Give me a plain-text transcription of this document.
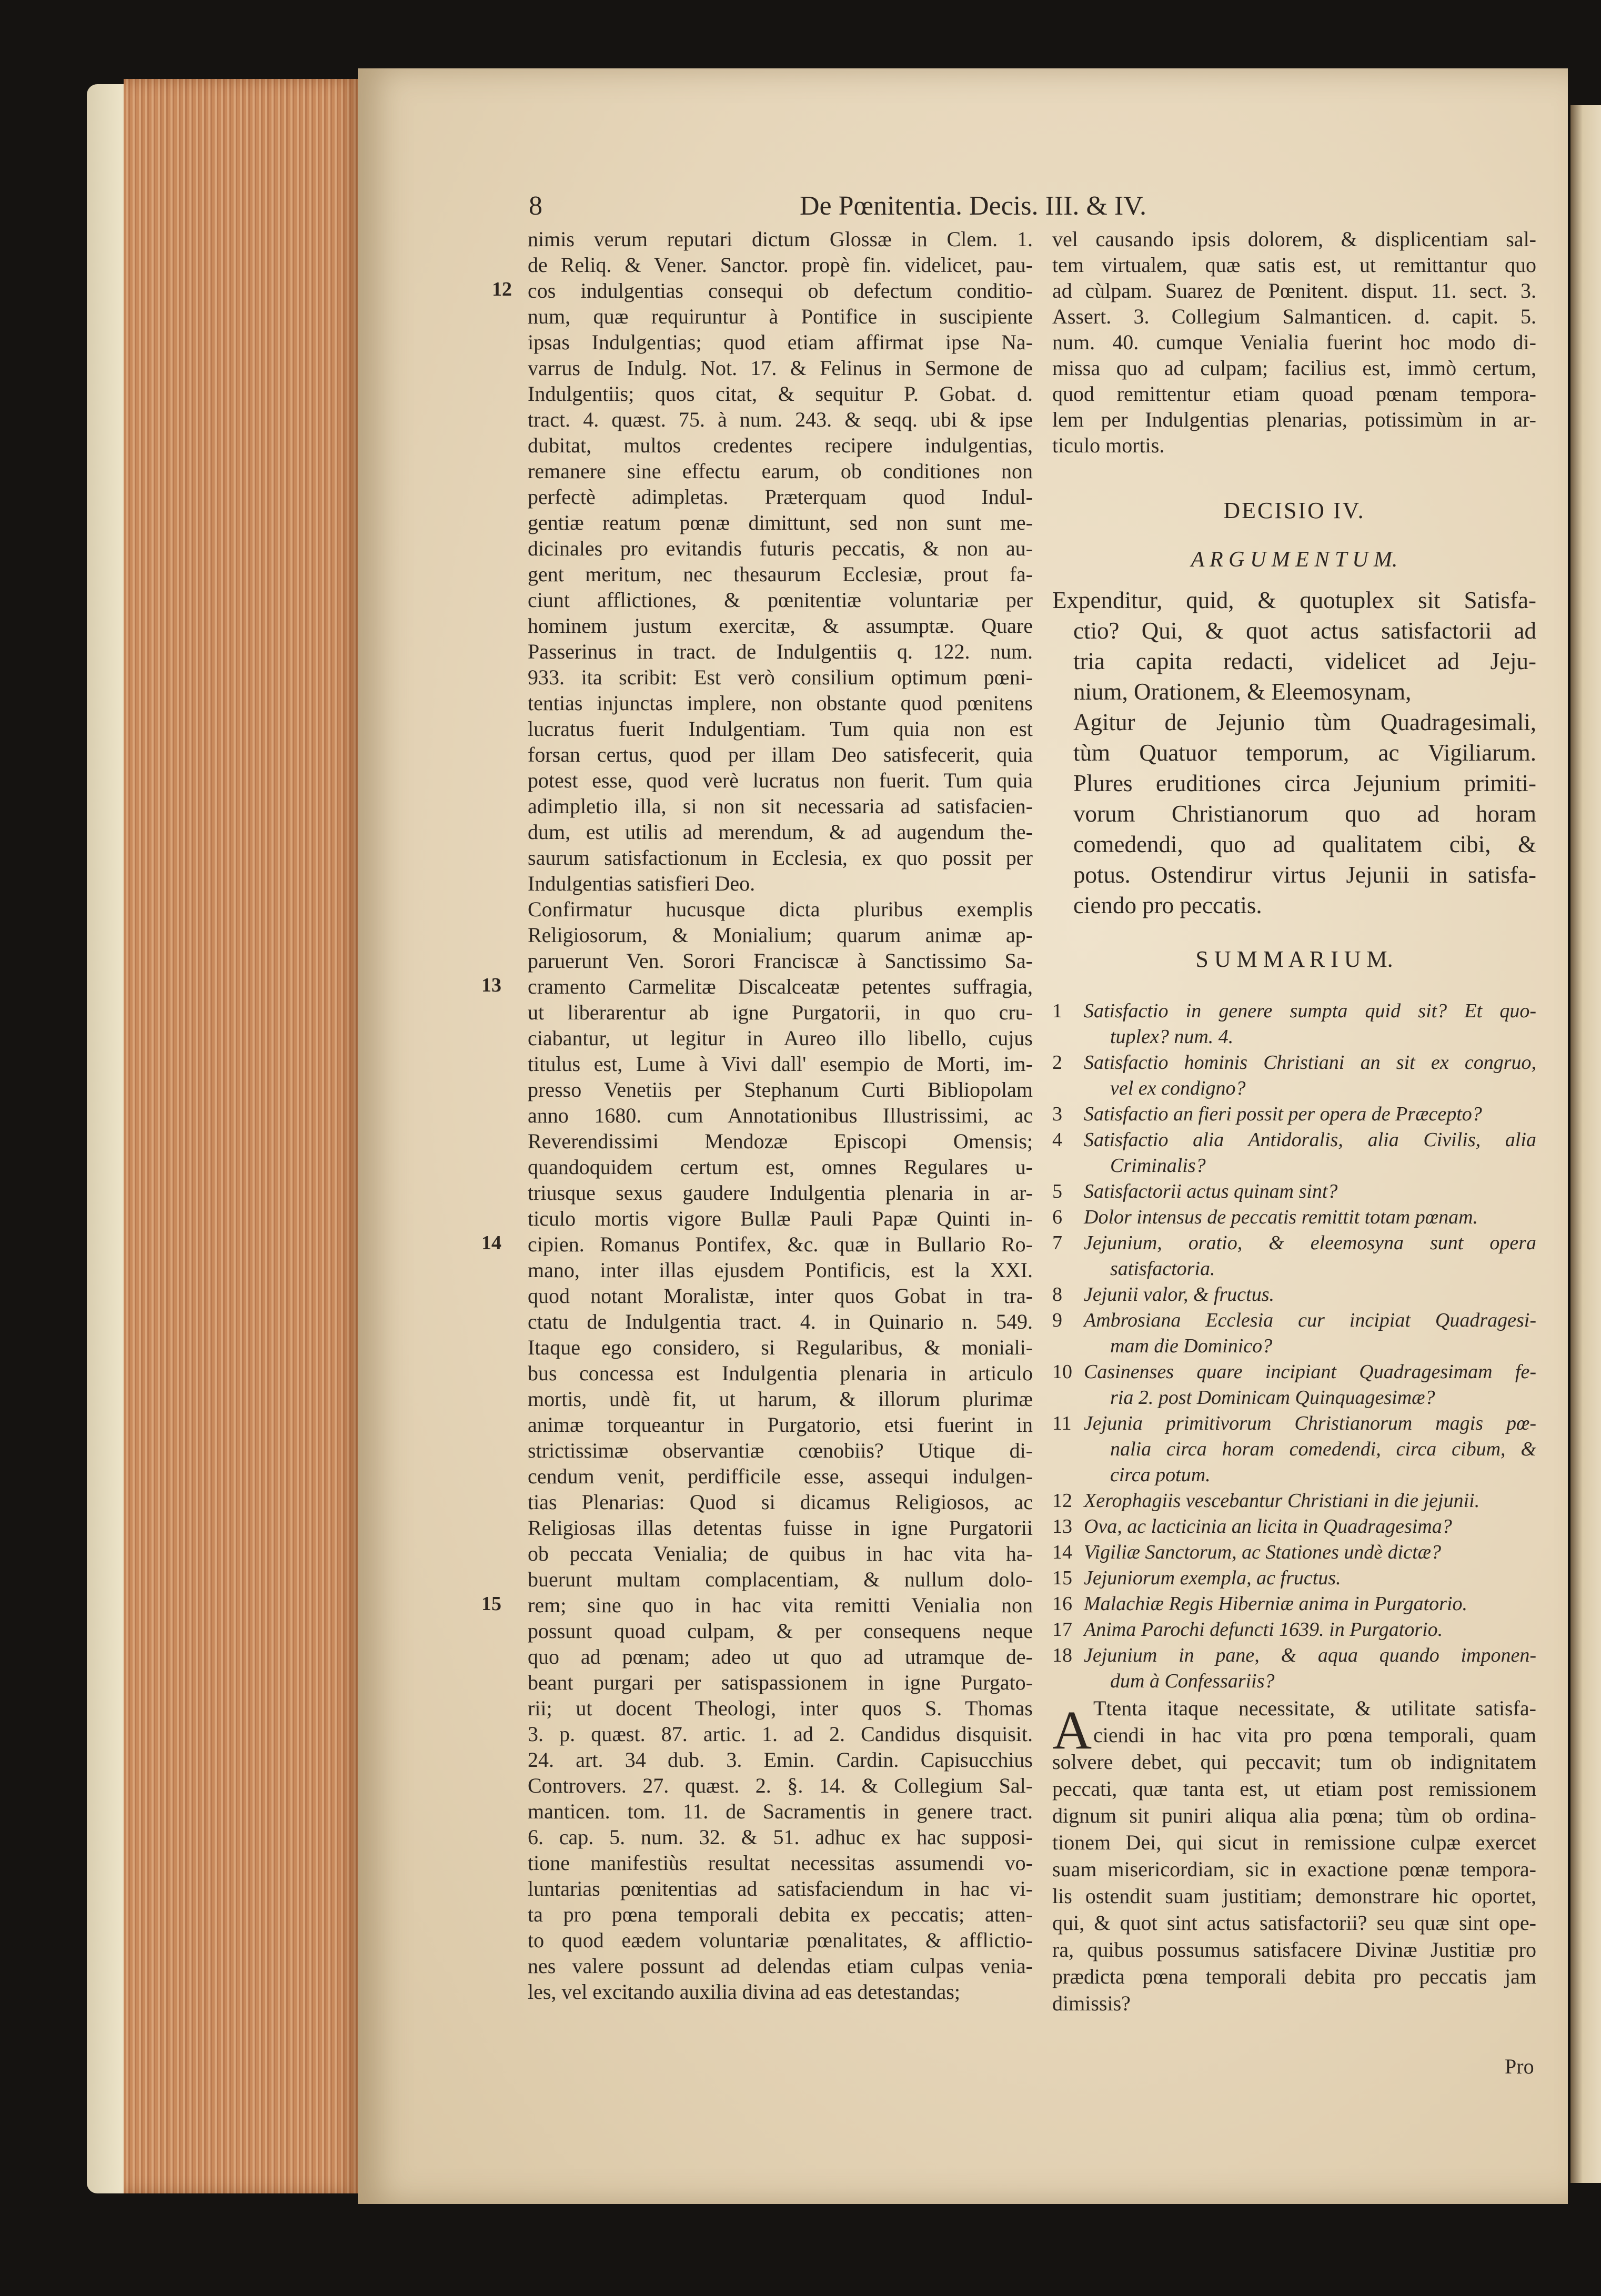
8	De Pœnitentia. Decis. III. & IV.
nimis verum reputari dictum Glossæ in Clem. 1.
de Reliq. & Vener. Sanctor. propè fin. videlicet, pau-
cos indulgentias consequi ob defectum conditio-
num, quæ requiruntur à Pontifice in suscipiente
ipsas Indulgentias; quod etiam affirmat ipse Na-
varrus de Indulg. Not. 17. & Felinus in Sermone de
Indulgentiis; quos citat, & sequitur P. Gobat. d.
tract. 4. quæst. 75. à num. 243. & seqq. ubi & ipse
dubitat, multos credentes recipere indulgentias,
remanere sine effectu earum, ob conditiones non
perfectè adimpletas. Præterquam quod Indul-
gentiæ reatum pœnæ dimittunt, sed non sunt me-
dicinales pro evitandis futuris peccatis, & non au-
gent meritum, nec thesaurum Ecclesiæ, prout fa-
ciunt afflictiones, & pœnitentiæ voluntariæ per
hominem justum exercitæ, & assumptæ. Quare
Passerinus in tract. de Indulgentiis q. 122. num.
933. ita scribit: Est verò consilium optimum pœni-
tentias injunctas implere, non obstante quod pœnitens
lucratus fuerit Indulgentiam. Tum quia non est
forsan certus, quod per illam Deo satisfecerit, quia
potest esse, quod verè lucratus non fuerit. Tum quia
adimpletio illa, si non sit necessaria ad satisfacien-
dum, est utilis ad merendum, & ad augendum the-
saurum satisfactionum in Ecclesia, ex quo possit per
Indulgentias satisfieri Deo.
Confirmatur hucusque dicta pluribus exemplis
Religiosorum, & Monialium; quarum animæ ap-
paruerunt Ven. Sorori Franciscæ à Sanctissimo Sa-
cramento Carmelitæ Discalceatæ petentes suffragia,
ut liberarentur ab igne Purgatorii, in quo cru-
ciabantur, ut legitur in Aureo illo libello, cujus
titulus est, Lume à Vivi dall' esempio de Morti, im-
presso Venetiis per Stephanum Curti Bibliopolam
anno 1680. cum Annotationibus Illustrissimi, ac
Reverendissimi Mendozæ Episcopi Omensis;
quandoquidem certum est, omnes Regulares u-
triusque sexus gaudere Indulgentia plenaria in ar-
ticulo mortis vigore Bullæ Pauli Papæ Quinti in-
cipien. Romanus Pontifex, &c. quæ in Bullario Ro-
mano, inter illas ejusdem Pontificis, est la XXI.
quod notant Moralistæ, inter quos Gobat in tra-
ctatu de Indulgentia tract. 4. in Quinario n. 549.
Itaque ego considero, si Regularibus, & moniali-
bus concessa est Indulgentia plenaria in articulo
mortis, undè fit, ut harum, & illorum plurimæ
animæ torqueantur in Purgatorio, etsi fuerint in
strictissimæ observantiæ cœnobiis? Utique di-
cendum venit, perdifficile esse, assequi indulgen-
tias Plenarias: Quod si dicamus Religiosos, ac
Religiosas illas detentas fuisse in igne Purgatorii
ob peccata Venialia; de quibus in hac vita ha-
buerunt multam complacentiam, & nullum dolo-
rem; sine quo in hac vita remitti Venialia non
possunt quoad culpam, & per consequens neque
quo ad pœnam; adeo ut quo ad utramque de-
beant purgari per satispassionem in igne Purgato-
rii; ut docent Theologi, inter quos S. Thomas
3. p. quæst. 87. artic. 1. ad 2. Candidus disquisit.
24. art. 34 dub. 3. Emin. Cardin. Capisucchius
Controvers. 27. quæst. 2. §. 14. & Collegium Sal-
manticen. tom. 11. de Sacramentis in genere tract.
6. cap. 5. num. 32. & 51. adhuc ex hac supposi-
tione manifestiùs resultat necessitas assumendi vo-
luntarias pœnitentias ad satisfaciendum in hac vi-
ta pro pœna temporali debita ex peccatis; atten-
to quod eædem voluntariæ pœnalitates, & afflictio-
nes valere possunt ad delendas etiam culpas venia-
les, vel excitando auxilia divina ad eas detestandas;
12
13
14
15
vel causando ipsis dolorem, & displicentiam sal-
tem virtualem, quæ satis est, ut remittantur quo
ad cùlpam. Suarez de Pœnitent. disput. 11. sect. 3.
Assert. 3. Collegium Salmanticen. d. capit. 5.
num. 40. cumque Venialia fuerint hoc modo di-
missa quo ad culpam; facilius est, immò certum,
quod remittentur etiam quoad pœnam tempora-
lem per Indulgentias plenarias, potissimùm in ar-
ticulo mortis.
DECISIO IV.
A R G U M E N T U M.
Expenditur, quid, & quotuplex sit Satisfa-
ctio? Qui, & quot actus satisfactorii ad
tria capita redacti, videlicet ad Jeju-
nium, Orationem, & Eleemosynam,
Agitur de Jejunio tùm Quadragesimali,
tùm Quatuor temporum, ac Vigiliarum.
Plures eruditiones circa Jejunium primiti-
vorum Christianorum quo ad horam
comedendi, quo ad qualitatem cibi, &
potus. Ostendirur virtus Jejunii in satisfa-
ciendo pro peccatis.
S U M M A R I U M.
1 Satisfactio in genere sumpta quid sit? Et quo-
tuplex? num. 4.
2 Satisfactio hominis Christiani an sit ex congruo,
vel ex condigno?
3 Satisfactio an fieri possit per opera de Præcepto?
4 Satisfactio alia Antidoralis, alia Civilis, alia
Criminalis?
5 Satisfactorii actus quinam sint?
6 Dolor intensus de peccatis remittit totam pœnam.
7 Jejunium, oratio, & eleemosyna sunt opera
satisfactoria.
8 Jejunii valor, & fructus.
9 Ambrosiana Ecclesia cur incipiat Quadragesi-
mam die Dominico?
10 Casinenses quare incipiant Quadragesimam fe-
ria 2. post Dominicam Quinquagesimæ?
11 Jejunia primitivorum Christianorum magis pœ-
nalia circa horam comedendi, circa cibum, &
circa potum.
12 Xerophagiis vescebantur Christiani in die jejunii.
13 Ova, ac lacticinia an licita in Quadragesima?
14 Vigiliæ Sanctorum, ac Stationes undè dictæ?
15 Jejuniorum exempla, ac fructus.
16 Malachiæ Regis Hiberniæ anima in Purgatorio.
17 Anima Parochi defuncti 1639. in Purgatorio.
18 Jejunium in pane, & aqua quando imponen-
dum à Confessariis?
A Ttenta itaque necessitate, & utilitate satisfa-
ciendi in hac vita pro pœna temporali, quam
solvere debet, qui peccavit; tum ob indignitatem
peccati, quæ tanta est, ut etiam post remissionem
dignum sit puniri aliqua alia pœna; tùm ob ordina-
tionem Dei, qui sicut in remissione culpæ exercet
suam misericordiam, sic in exactione pœnæ tempora-
lis ostendit suam justitiam; demonstrare hic oportet,
qui, & quot sint actus satisfactorii? seu quæ sint ope-
ra, quibus possumus satisfacere Divinæ Justitiæ pro
prædicta pœna temporali debita pro peccatis jam
dimissis?
Pro
